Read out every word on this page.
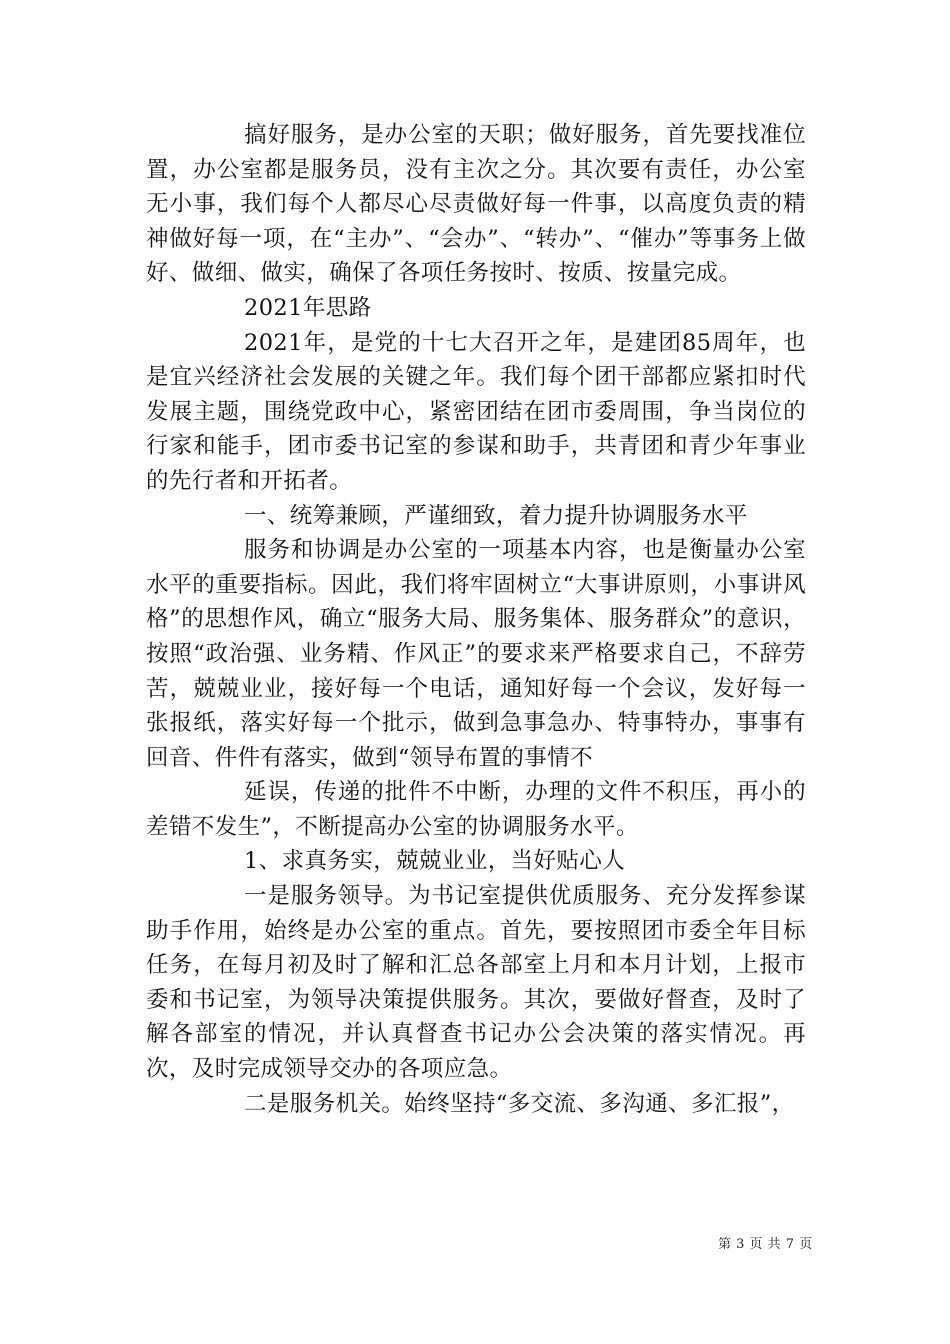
搞好服务，是办公室的天职；做好服务，首先要找准位置，办公室都是服务员，没有主次之分。其次要有责任，办公室无小事，我们每个人都尽心尽责做好每一件事，以高度负责的精神做好每一项，在“主办”、“会办”、“转办”、“催办”等事务上做好、做细、做实，确保了各项任务按时、按质、按量完成。

2021年思路

2021年，是党的十七大召开之年，是建团85周年，也是宜兴经济社会发展的关键之年。我们每个团干部都应紧扣时代发展主题，围绕党政中心，紧密团结在团市委周围，争当岗位的行家和能手，团市委书记室的参谋和助手，共青团和青少年事业的先行者和开拓者。

一、统筹兼顾，严谨细致，着力提升协调服务水平

服务和协调是办公室的一项基本内容，也是衡量办公室水平的重要指标。因此，我们将牢固树立“大事讲原则，小事讲风格”的思想作风，确立“服务大局、服务集体、服务群众”的意识，按照“政治强、业务精、作风正”的要求来严格要求自己，不辞劳苦，兢兢业业，接好每一个电话，通知好每一个会议，发好每一张报纸，落实好每一个批示，做到急事急办、特事特办，事事有回音、件件有落实，做到“领导布置的事情不

延误，传递的批件不中断，办理的文件不积压，再小的差错不发生”，不断提高办公室的协调服务水平。

1、求真务实，兢兢业业，当好贴心人

一是服务领导。为书记室提供优质服务、充分发挥参谋助手作用，始终是办公室的重点。首先，要按照团市委全年目标任务，在每月初及时了解和汇总各部室上月和本月计划，上报市委和书记室，为领导决策提供服务。其次，要做好督查，及时了解各部室的情况，并认真督查书记办公会决策的落实情况。再次，及时完成领导交办的各项应急。

二是服务机关。始终坚持“多交流、多沟通、多汇报”，

第 3 页 共 7 页
